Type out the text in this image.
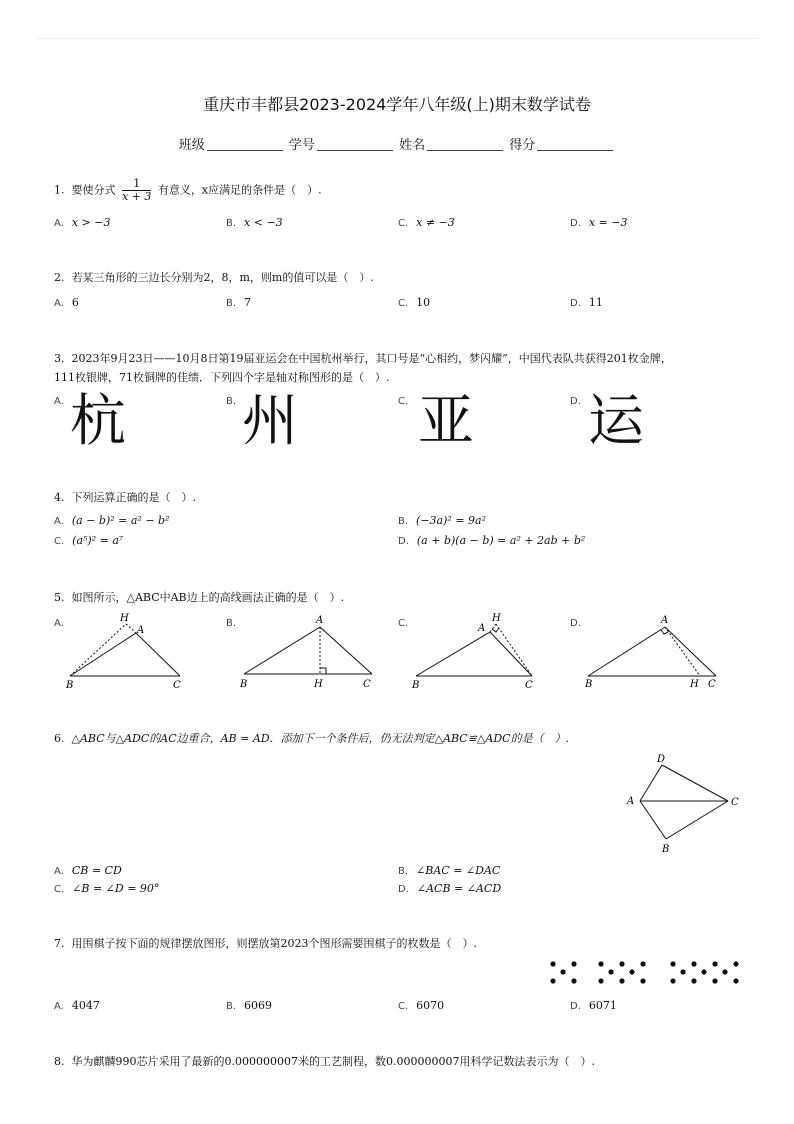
重庆市丰都县2023-2024学年八年级(上)期末数学试卷
班级	学号	姓名	得分
1. 要使分式 $\frac{1}{x + 3}$ 有意义，x应满足的条件是（　）.
A. x > −3	B. x < −3	C. x ≠ −3	D. x = −3
2. 若某三角形的三边长分别为2，8，m，则m的值可以是（　）.
A. 6	B. 7	C. 10	D. 11
3. 2023年9月23日——10月8日第19届亚运会在中国杭州举行，其口号是“心相约，梦闪耀”，中国代表队共获得201枚金牌，
111枚银牌，71枚铜牌的佳绩．下列四个字是轴对称图形的是（　）.
A. 杭	B. 州	C. 亚	D. 运
4. 下列运算正确的是（　）.
A. (a − b)² = a² − b²	B. (−3a)² = 9a²
C. (a⁵)² = a⁷	D. (a + b)(a − b) = a² + 2ab + b²
5. 如图所示，△ABC中AB边上的高线画法正确的是（　）.
A.	B.	C.	D.
B	C
A
H
B	C
A
H	B	C
A
H
B	C
A
H
D
A	C
B
6. △ABC与△ADC的AC边重合，AB = AD．添加下一个条件后，仍无法判定△ABC≌△ADC的是（　）.
A. CB = CD	B. ∠BAC = ∠DAC
C. ∠B = ∠D = 90°	D. ∠ACB = ∠ACD
7. 用围棋子按下面的规律摆放图形，则摆放第2023个图形需要围棋子的枚数是（　）.
A. 4047	B. 6069	C. 6070	D. 6071
8. 华为麒麟990芯片采用了最新的0.000000007米的工艺制程，数0.000000007用科学记数法表示为（　）.
